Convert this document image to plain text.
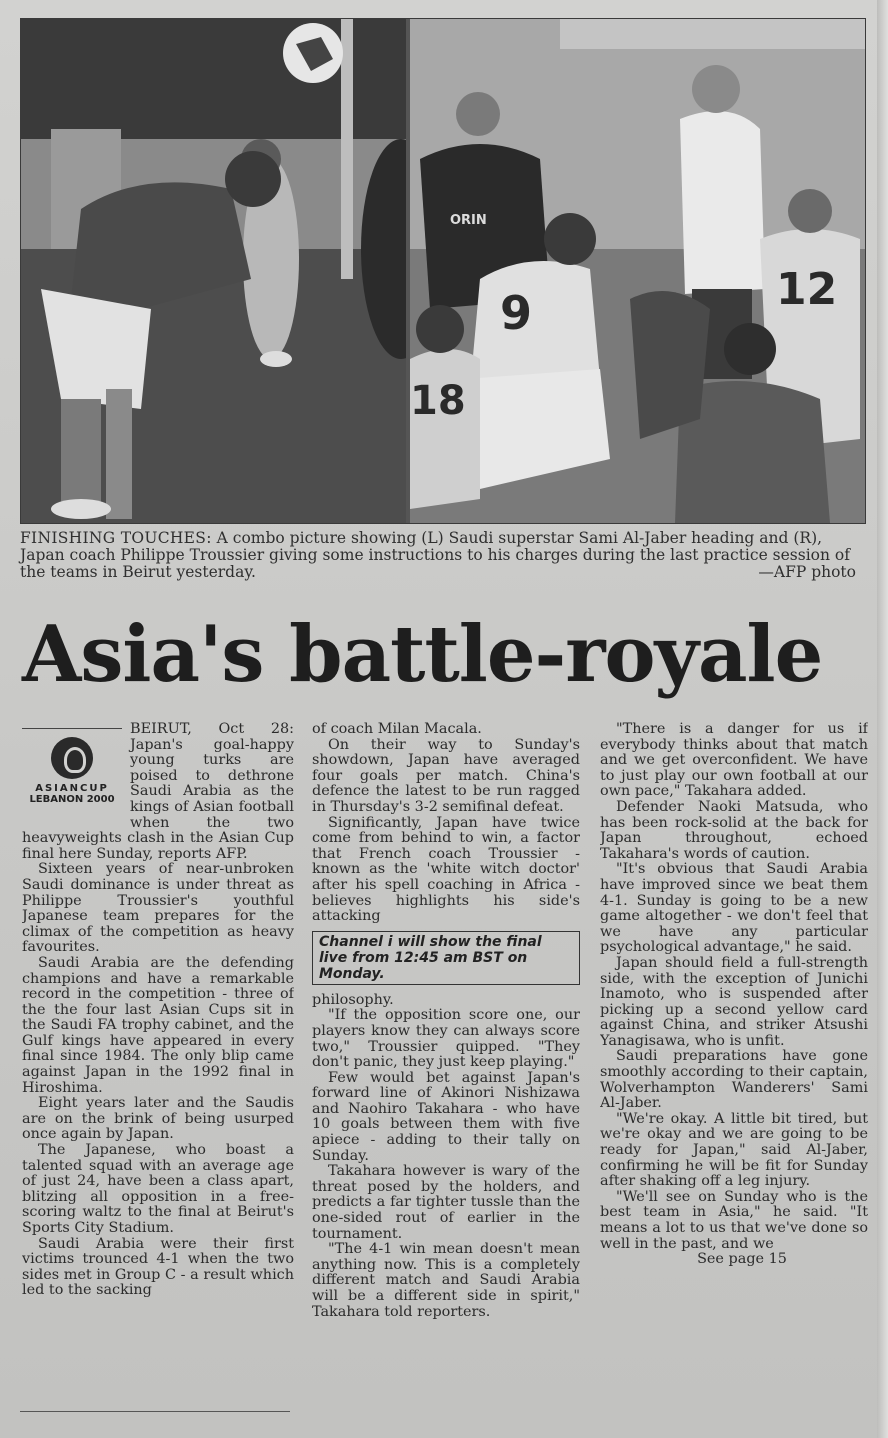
ORIN
12
9
18
FINISHING TOUCHES: A combo picture showing (L) Saudi superstar Sami Al-Jaber heading and (R), Japan coach Philippe Troussier giving some instructions to his charges during the last practice session of the teams in Beirut yesterday.	—AFP photo
Asia's battle-royale
ASIANCUP
LEBANON 2000

BEIRUT, Oct 28: Japan's goal-happy young turks are poised to dethrone Saudi Arabia as the kings of Asian football when the two heavyweights clash in the Asian Cup final here Sunday, reports AFP.

Sixteen years of near-unbroken Saudi dominance is under threat as Philippe Troussier's youthful Japanese team prepares for the climax of the competition as heavy favourites.

Saudi Arabia are the defending champions and have a remarkable record in the competition - three of the the four last Asian Cups sit in the Saudi FA trophy cabinet, and the Gulf kings have appeared in every final since 1984. The only blip came against Japan in the 1992 final in Hiroshima.

Eight years later and the Saudis are on the brink of being usurped once again by Japan.

The Japanese, who boast a talented squad with an average age of just 24, have been a class apart, blitzing all opposition in a free-scoring waltz to the final at Beirut's Sports City Stadium.

Saudi Arabia were their first victims trounced 4-1 when the two sides met in Group C - a result which led to the sacking

of coach Milan Macala.

On their way to Sunday's showdown, Japan have averaged four goals per match. China's defence the latest to be run ragged in Thursday's 3-2 semifinal defeat.

Significantly, Japan have twice come from behind to win, a factor that French coach Troussier - known as the 'white witch doctor' after his spell coaching in Africa - believes highlights his side's attacking

Channel i will show the final live from 12:45 am BST on Monday.

philosophy.

"If the opposition score one, our players know they can always score two," Troussier quipped. "They don't panic, they just keep playing."

Few would bet against Japan's forward line of Akinori Nishizawa and Naohiro Takahara - who have 10 goals between them with five apiece - adding to their tally on Sunday.

Takahara however is wary of the threat posed by the holders, and predicts a far tighter tussle than the one-sided rout of earlier in the tournament.

"The 4-1 win mean doesn't mean anything now. This is a completely different match and Saudi Arabia will be a different side in spirit," Takahara told reporters.

"There is a danger for us if everybody thinks about that match and we get overconfident. We have to just play our own football at our own pace," Takahara added.

Defender Naoki Matsuda, who has been rock-solid at the back for Japan throughout, echoed Takahara's words of caution.

"It's obvious that Saudi Arabia have improved since we beat them 4-1. Sunday is going to be a new game altogether - we don't feel that we have any particular psychological advantage," he said.

Japan should field a full-strength side, with the exception of Junichi Inamoto, who is suspended after picking up a second yellow card against China, and striker Atsushi Yanagisawa, who is unfit.

Saudi preparations have gone smoothly according to their captain, Wolverhampton Wanderers' Sami Al-Jaber.

"We're okay. A little bit tired, but we're okay and we are going to be ready for Japan," said Al-Jaber, confirming he will be fit for Sunday after shaking off a leg injury.

"We'll see on Sunday who is the best team in Asia," he said. "It means a lot to us that we've done so well in the past, and we

See page 15
